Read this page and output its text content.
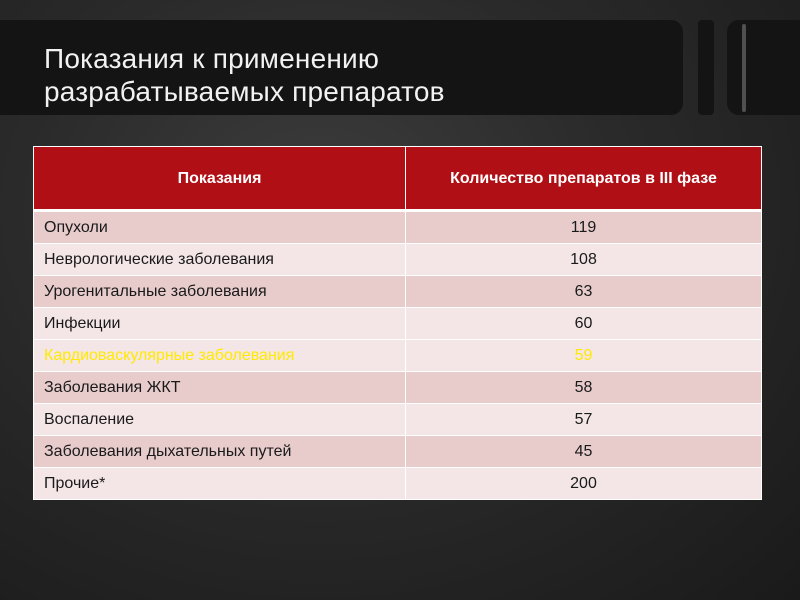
Показания к применению
разрабатываемых препаратов
Показания	Количество препаратов в III фазе
Опухоли	119
Неврологические заболевания	108
Урогенитальные заболевания	63
Инфекции	60
Кардиоваскулярные заболевания	59
Заболевания ЖКТ	58
Воспаление	57
Заболевания дыхательных путей	45
Прочие*	200
